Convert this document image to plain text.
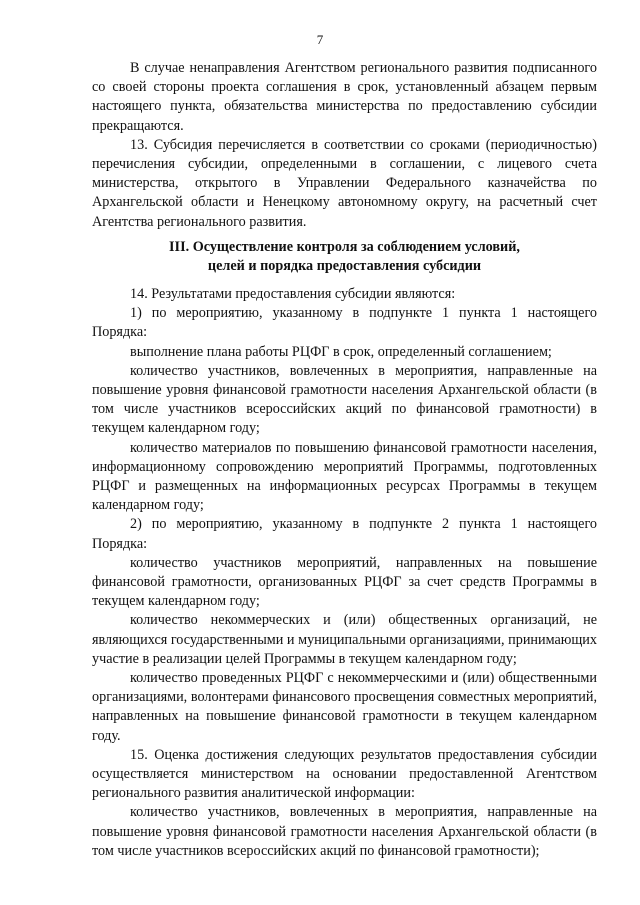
7

В случае ненаправления Агентством регионального развития подписанного со своей стороны проекта соглашения в срок, установленный абзацем первым настоящего пункта, обязательства министерства по предоставлению субсидии прекращаются.

13. Субсидия перечисляется в соответствии со сроками (периодичностью) перечисления субсидии, определенными в соглашении, с лицевого счета министерства, открытого в Управлении Федерального казначейства по Архангельской области и Ненецкому автономному округу, на расчетный счет Агентства регионального развития.

III. Осуществление контроля за соблюдением условий,
целей и порядка предоставления субсидии

14. Результатами предоставления субсидии являются:

1) по мероприятию, указанному в подпункте 1 пункта 1 настоящего Порядка:

выполнение плана работы РЦФГ в срок, определенный соглашением;

количество участников, вовлеченных в мероприятия, направленные на повышение уровня финансовой грамотности населения Архангельской области (в том числе участников всероссийских акций по финансовой грамотности) в текущем календарном году;

количество материалов по повышению финансовой грамотности населения, информационному сопровождению мероприятий Программы, подготовленных РЦФГ и размещенных на информационных ресурсах Программы в текущем календарном году;

2) по мероприятию, указанному в подпункте 2 пункта 1 настоящего Порядка:

количество участников мероприятий, направленных на повышение финансовой грамотности, организованных РЦФГ за счет средств Программы в текущем календарном году;

количество некоммерческих и (или) общественных организаций, не являющихся государственными и муниципальными организациями, принимающих участие в реализации целей Программы в текущем календарном году;

количество проведенных РЦФГ с некоммерческими и (или) общественными организациями, волонтерами финансового просвещения совместных мероприятий, направленных на повышение финансовой грамотности в текущем календарном году.

15. Оценка достижения следующих результатов предоставления субсидии осуществляется министерством на основании предоставленной Агентством регионального развития аналитической информации:

количество участников, вовлеченных в мероприятия, направленные на повышение уровня финансовой грамотности населения Архангельской области (в том числе участников всероссийских акций по финансовой грамотности);
